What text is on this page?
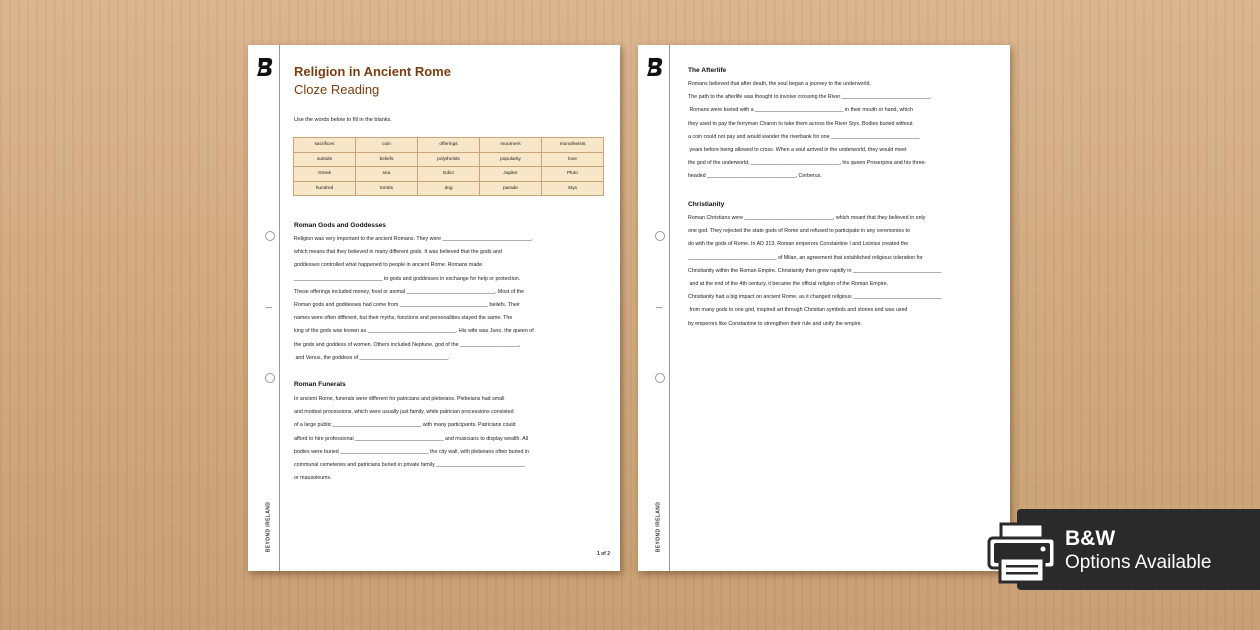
BEYOND IRELAND
Religion in Ancient Rome
Cloze Reading
Use the words below to fill in the blanks.
sacrifices	coin	offerings	mourners	monotheists
outside	beliefs	polytheists	popularity	love
Greek	sea	Edict	Jupiter	Pluto
hundred	tombs	dog	parade	Styx
Roman Gods and Goddesses
Religion was very important to the ancient Romans. They were ______________________________,
which means that they believed in many different gods. It was believed that the gods and
goddesses controlled what happened to people in ancient Rome. Romans made
______________________________ to gods and goddesses in exchange for help or protection.
These offerings included money, food or animal ______________________________. Most of the
Roman gods and goddesses had come from ______________________________ beliefs. Their
names were often different, but their myths, functions and personalities stayed the same. The
king of the gods was known as ______________________________. His wife was Juno, the queen of
the gods and goddess of women. Others included Neptune, god of the ____________________,
and Venus, the goddess of ______________________________.
Roman Funerals
In ancient Rome, funerals were different for patricians and plebeians. Plebeians had small
and modest processions, which were usually just family, while patrician processions consisted
of a large public ______________________________ with many participants. Patricians could
afford to hire professional ______________________________ and musicians to display wealth. All
bodies were buried ______________________________ the city wall, with plebeians often buried in
communal cemeteries and patricians buried in private family ______________________________
or mausoleums.
1 of 2
BEYOND IRELAND
The Afterlife
Romans believed that after death, the soul began a journey to the underworld.
The path to the afterlife was thought to involve crossing the River ______________________________.
Romans were buried with a ______________________________ in their mouth or hand, which
they used to pay the ferryman Charon to take them across the River Styx. Bodies buried without
a coin could not pay and would wander the riverbank for one ______________________________
years before being allowed to cross. When a soul arrived in the underworld, they would meet
the god of the underworld, ______________________________, his queen Proserpina and his three-
headed ______________________________, Cerberus.
Christianity
Roman Christians were ______________________________, which meant that they believed in only
one god. They rejected the state gods of Rome and refused to participate in any ceremonies to
do with the gods of Rome. In AD 313, Roman emperors Constantine I and Licinius created the
______________________________ of Milan, an agreement that established religious toleration for
Christianity within the Roman Empire. Christianity then grew rapidly in ______________________________
and at the end of the 4th century, it became the official religion of the Roman Empire.
Christianity had a big impact on ancient Rome, as it changed religious ______________________________
from many gods to one god, inspired art through Christian symbols and stories and was used
by emperors like Constantine to strengthen their rule and unify the empire.
B&W
Options Available
